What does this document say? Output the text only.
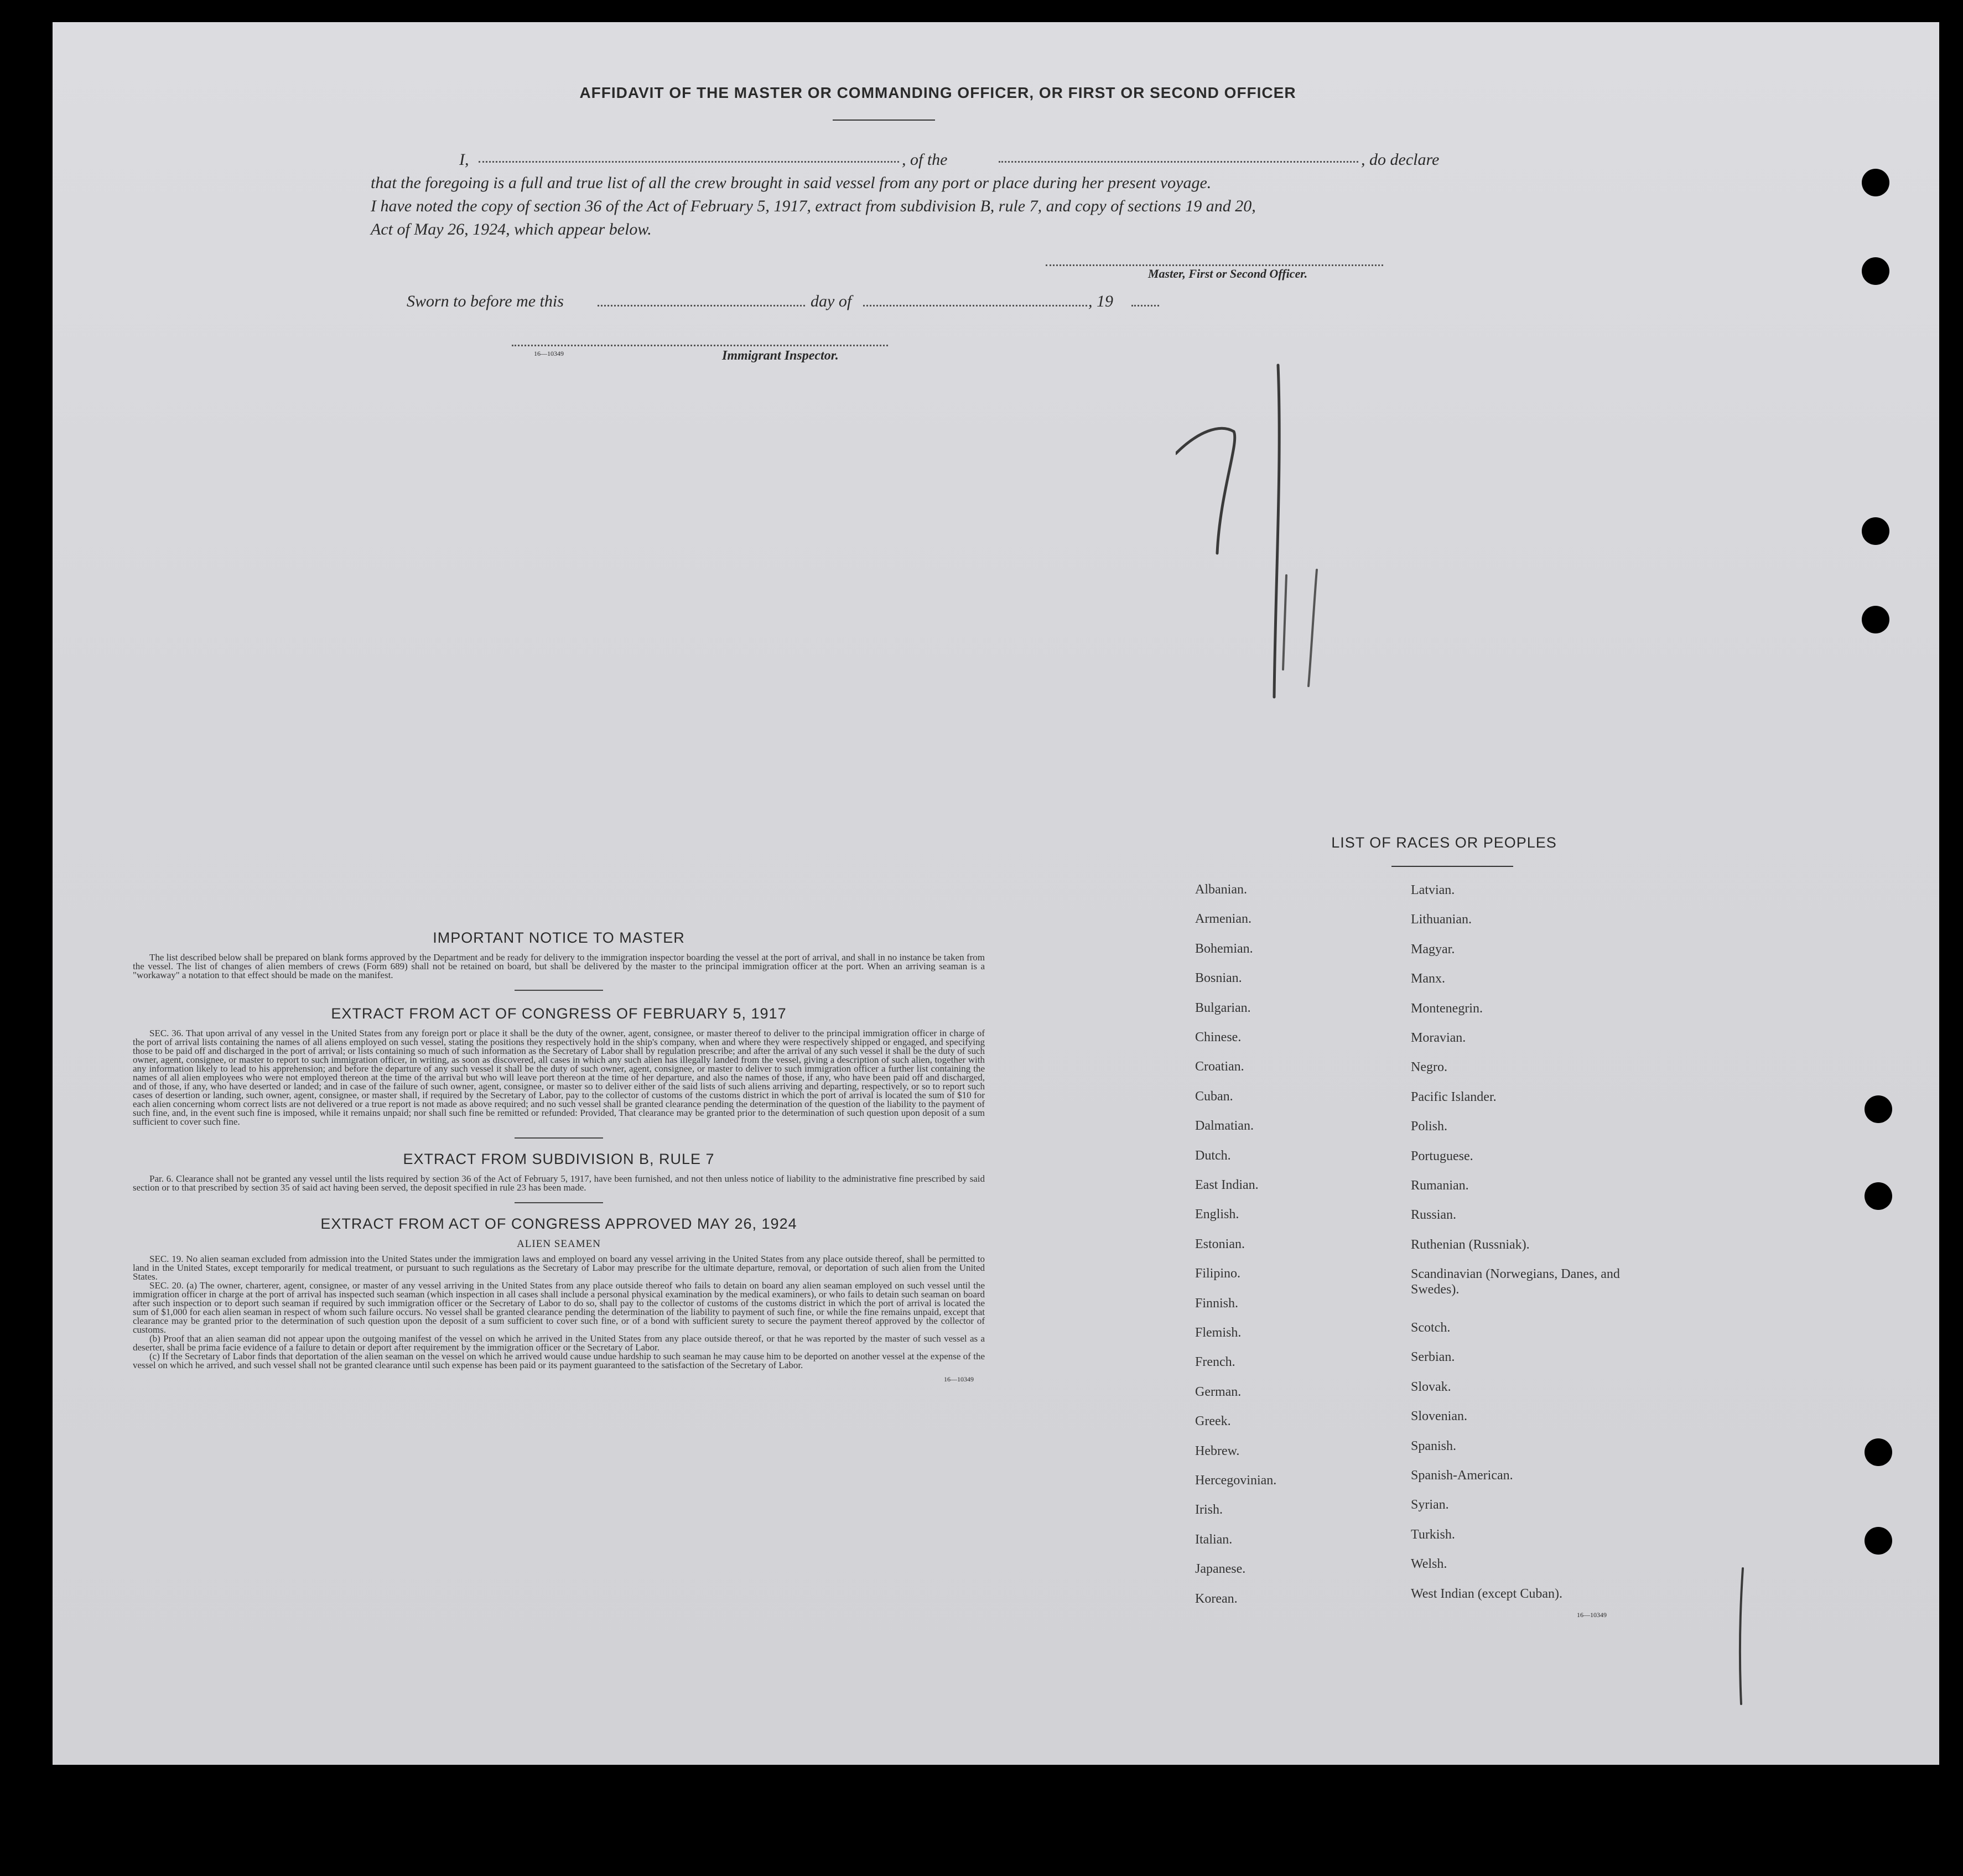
AFFIDAVIT OF THE MASTER OR COMMANDING OFFICER, OR FIRST OR SECOND OFFICER
I,	, of the	, do declare
that the foregoing is a full and true list of all the crew brought in said vessel from any port or place during her present voyage.
I have noted the copy of section 36 of the Act of February 5, 1917, extract from subdivision B, rule 7, and copy of sections 19 and 20,
Act of May 26, 1924, which appear below.
Master, First or Second Officer.
Sworn to before me this	day of	, 19
16—10349	Immigrant Inspector.
IMPORTANT NOTICE TO MASTER
The list described below shall be prepared on blank forms approved by the Department and be ready for delivery to the immigration inspector boarding the vessel at the port of arrival, and shall in no instance be taken from the vessel. The list of changes of alien members of crews (Form 689) shall not be retained on board, but shall be delivered by the master to the principal immigration officer at the port. When an arriving seaman is a "workaway" a notation to that effect should be made on the manifest.
EXTRACT FROM ACT OF CONGRESS OF FEBRUARY 5, 1917
SEC. 36. That upon arrival of any vessel in the United States from any foreign port or place it shall be the duty of the owner, agent, consignee, or master thereof to deliver to the principal immigration officer in charge of the port of arrival lists containing the names of all aliens employed on such vessel, stating the positions they respectively hold in the ship's company, when and where they were respectively shipped or engaged, and specifying those to be paid off and discharged in the port of arrival; or lists containing so much of such information as the Secretary of Labor shall by regulation prescribe; and after the arrival of any such vessel it shall be the duty of such owner, agent, consignee, or master to report to such immigration officer, in writing, as soon as discovered, all cases in which any such alien has illegally landed from the vessel, giving a description of such alien, together with any information likely to lead to his apprehension; and before the departure of any such vessel it shall be the duty of such owner, agent, consignee, or master to deliver to such immigration officer a further list containing the names of all alien employees who were not employed thereon at the time of the arrival but who will leave port thereon at the time of her departure, and also the names of those, if any, who have been paid off and discharged, and of those, if any, who have deserted or landed; and in case of the failure of such owner, agent, consignee, or master so to deliver either of the said lists of such aliens arriving and departing, respectively, or so to report such cases of desertion or landing, such owner, agent, consignee, or master shall, if required by the Secretary of Labor, pay to the collector of customs of the customs district in which the port of arrival is located the sum of $10 for each alien concerning whom correct lists are not delivered or a true report is not made as above required; and no such vessel shall be granted clearance pending the determination of the question of the liability to the payment of such fine, and, in the event such fine is imposed, while it remains unpaid; nor shall such fine be remitted or refunded: Provided, That clearance may be granted prior to the determination of such question upon deposit of a sum sufficient to cover such fine.
EXTRACT FROM SUBDIVISION B, RULE 7
Par. 6. Clearance shall not be granted any vessel until the lists required by section 36 of the Act of February 5, 1917, have been furnished, and not then unless notice of liability to the administrative fine prescribed by said section or to that prescribed by section 35 of said act having been served, the deposit specified in rule 23 has been made.
EXTRACT FROM ACT OF CONGRESS APPROVED MAY 26, 1924
ALIEN SEAMEN
SEC. 19. No alien seaman excluded from admission into the United States under the immigration laws and employed on board any vessel arriving in the United States from any place outside thereof, shall be permitted to land in the United States, except temporarily for medical treatment, or pursuant to such regulations as the Secretary of Labor may prescribe for the ultimate departure, removal, or deportation of such alien from the United States.
SEC. 20. (a) The owner, charterer, agent, consignee, or master of any vessel arriving in the United States from any place outside thereof who fails to detain on board any alien seaman employed on such vessel until the immigration officer in charge at the port of arrival has inspected such seaman (which inspection in all cases shall include a personal physical examination by the medical examiners), or who fails to detain such seaman on board after such inspection or to deport such seaman if required by such immigration officer or the Secretary of Labor to do so, shall pay to the collector of customs of the customs district in which the port of arrival is located the sum of $1,000 for each alien seaman in respect of whom such failure occurs. No vessel shall be granted clearance pending the determination of the liability to payment of such fine, or while the fine remains unpaid, except that clearance may be granted prior to the determination of such question upon the deposit of a sum sufficient to cover such fine, or of a bond with sufficient surety to secure the payment thereof approved by the collector of customs.
(b) Proof that an alien seaman did not appear upon the outgoing manifest of the vessel on which he arrived in the United States from any place outside thereof, or that he was reported by the master of such vessel as a deserter, shall be prima facie evidence of a failure to detain or deport after requirement by the immigration officer or the Secretary of Labor.
(c) If the Secretary of Labor finds that deportation of the alien seaman on the vessel on which he arrived would cause undue hardship to such seaman he may cause him to be deported on another vessel at the expense of the vessel on which he arrived, and such vessel shall not be granted clearance until such expense has been paid or its payment guaranteed to the satisfaction of the Secretary of Labor.
16—10349
LIST OF RACES OR PEOPLES
Albanian.
Armenian.
Bohemian.
Bosnian.
Bulgarian.
Chinese.
Croatian.
Cuban.
Dalmatian.
Dutch.
East Indian.
English.
Estonian.
Filipino.
Finnish.
Flemish.
French.
German.
Greek.
Hebrew.
Hercegovinian.
Irish.
Italian.
Japanese.
Korean.
Latvian.
Lithuanian.
Magyar.
Manx.
Montenegrin.
Moravian.
Negro.
Pacific Islander.
Polish.
Portuguese.
Rumanian.
Russian.
Ruthenian (Russniak).
Scandinavian (Norwegians, Danes, and Swedes).
Scotch.
Serbian.
Slovak.
Slovenian.
Spanish.
Spanish-American.
Syrian.
Turkish.
Welsh.
West Indian (except Cuban).
16—10349
